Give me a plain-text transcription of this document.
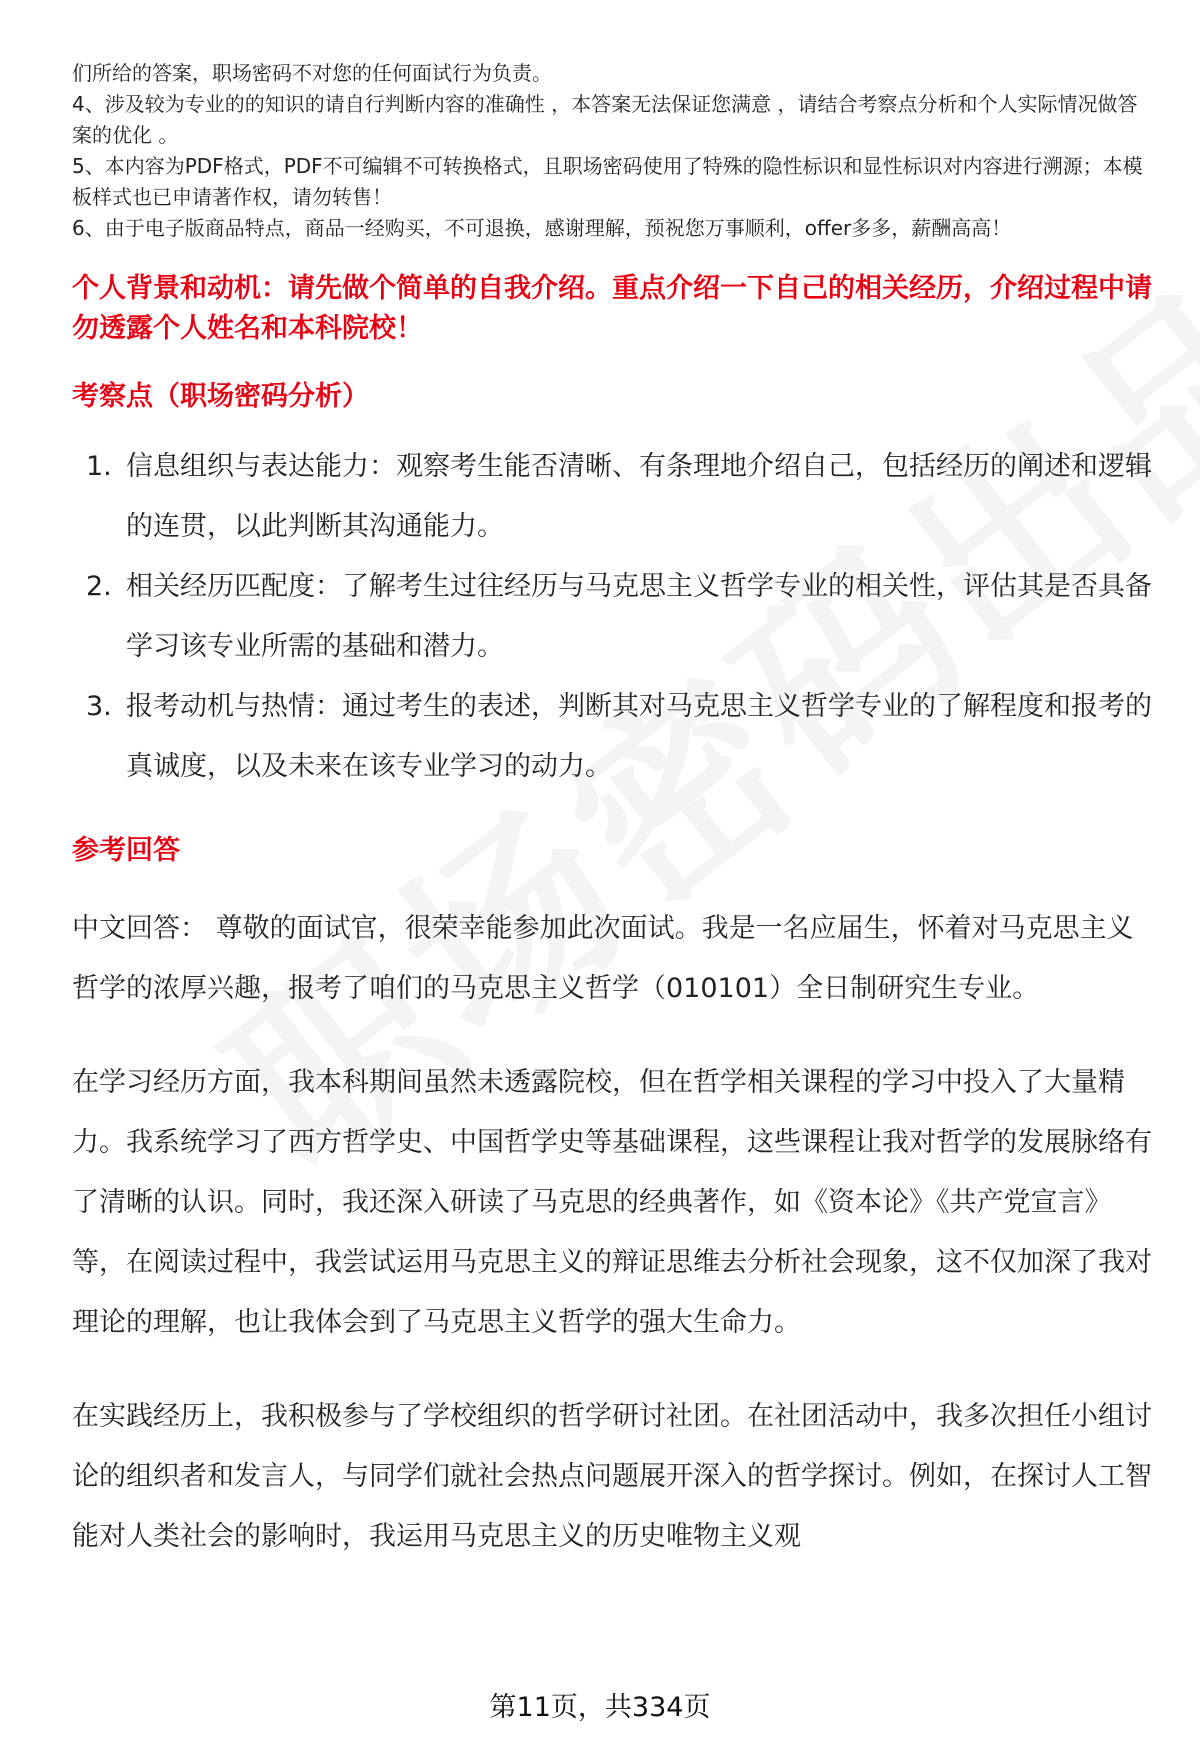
们所给的答案，职场密码不对您的任何面试行为负责。

4、涉及较为专业的的知识的请自行判断内容的准确性 ，本答案无法保证您满意 ，请结合考察点分析和个人实际情况做答案的优化 。

5、本内容为PDF格式，PDF不可编辑不可转换格式，且职场密码使用了特殊的隐性标识和显性标识对内容进行溯源；本模板样式也已申请著作权，请勿转售！

6、由于电子版商品特点，商品一经购买，不可退换，感谢理解，预祝您万事顺利，offer多多，薪酬高高！

个人背景和动机：请先做个简单的自我介绍。重点介绍一下自己的相关经历，介绍过程中请勿透露个人姓名和本科院校！
考察点（职场密码分析）
1. 信息组织与表达能力：观察考生能否清晰、有条理地介绍自己，包括经历的阐述和逻辑的连贯，以此判断其沟通能力。
2. 相关经历匹配度：了解考生过往经历与马克思主义哲学专业的相关性，评估其是否具备学习该专业所需的基础和潜力。
3. 报考动机与热情：通过考生的表述，判断其对马克思主义哲学专业的了解程度和报考的真诚度，以及未来在该专业学习的动力。
参考回答

中文回答： 尊敬的面试官，很荣幸能参加此次面试。我是一名应届生，怀着对马克思主义哲学的浓厚兴趣，报考了咱们的马克思主义哲学（010101）全日制研究生专业。

在学习经历方面，我本科期间虽然未透露院校，但在哲学相关课程的学习中投入了大量精力。我系统学习了西方哲学史、中国哲学史等基础课程，这些课程让我对哲学的发展脉络有了清晰的认识。同时，我还深入研读了马克思的经典著作，如《资本论》《共产党宣言》等，在阅读过程中，我尝试运用马克思主义的辩证思维去分析社会现象，这不仅加深了我对理论的理解，也让我体会到了马克思主义哲学的强大生命力。

在实践经历上，我积极参与了学校组织的哲学研讨社团。在社团活动中，我多次担任小组讨论的组织者和发言人，与同学们就社会热点问题展开深入的哲学探讨。例如，在探讨人工智能对人类社会的影响时，我运用马克思主义的历史唯物主义观

第11页，共334页
